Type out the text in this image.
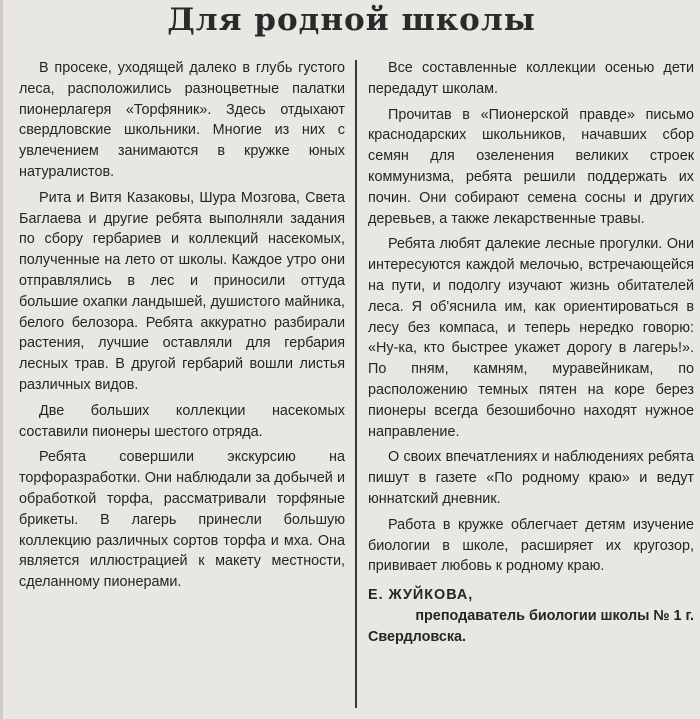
Для родной школы

В просеке, уходящей далеко в глубь густого леса, расположились разноцветные палатки пионерлагеря «Торфяник». Здесь отдыхают свердловские школьники. Многие из них с увлечением занимаются в кружке юных натуралистов.

Рита и Витя Казаковы, Шура Мозгова, Света Баглаева и другие ребята выполняли задания по сбору гербариев и коллекций насекомых, полученные на лето от школы. Каждое утро они отправлялись в лес и приносили оттуда большие охапки ландышей, душистого майника, белого белозора. Ребята аккуратно разбирали растения, лучшие оставляли для гербария лесных трав. В другой гербарий вошли листья различных видов.

Две больших коллекции насекомых составили пионеры шестого отряда.

Ребята совершили экскурсию на торфоразработки. Они наблюдали за добычей и обработкой торфа, рассматривали торфяные брикеты. В лагерь принесли большую коллекцию различных сортов торфа и мха. Она является иллюстрацией к макету местности, сделанному пионерами.

Все составленные коллекции осенью дети передадут школам.

Прочитав в «Пионерской правде» письмо краснодарских школьников, начавших сбор семян для озеленения великих строек коммунизма, ребята решили поддержать их почин. Они собирают семена сосны и других деревьев, а также лекарственные травы.

Ребята любят далекие лесные прогулки. Они интересуются каждой мелочью, встречающейся на пути, и подолгу изучают жизнь обитателей леса. Я об'яснила им, как ориентироваться в лесу без компаса, и теперь нередко говорю: «Ну-ка, кто быстрее укажет дорогу в лагерь!». По пням, камням, муравейникам, по расположению темных пятен на коре берез пионеры всегда безошибочно находят нужное направление.

О своих впечатлениях и наблюдениях ребята пишут в газете «По родному краю» и ведут юннатский дневник.

Работа в кружке облегчает детям изучение биологии в школе, расширяет их кругозор, прививает любовь к родному краю.

Е. ЖУЙКОВА,
преподаватель биологии школы № 1 г. Свердловска.
